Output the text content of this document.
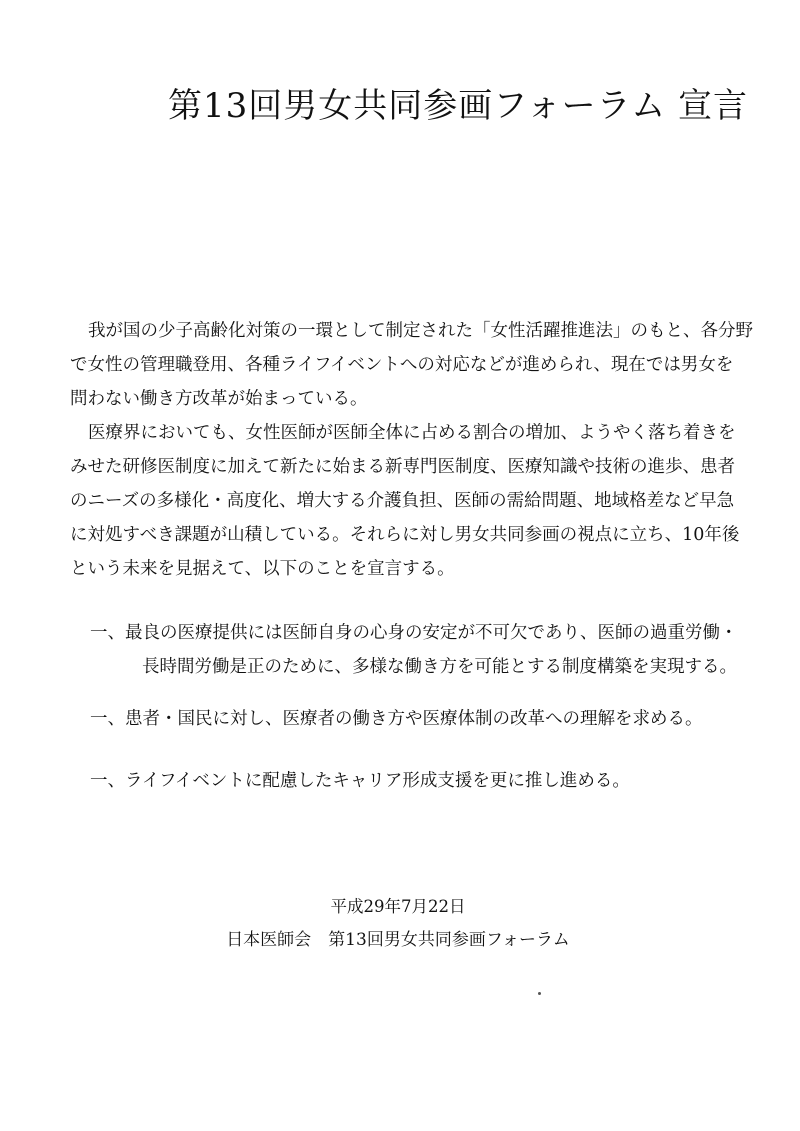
第13回男女共同参画フォーラム 宣言
我が国の少子高齢化対策の一環として制定された「女性活躍推進法」のもと、各分野
で女性の管理職登用、各種ライフイベントへの対応などが進められ、現在では男女を
問わない働き方改革が始まっている。
医療界においても、女性医師が医師全体に占める割合の増加、ようやく落ち着きを
みせた研修医制度に加えて新たに始まる新専門医制度、医療知識や技術の進歩、患者
のニーズの多様化・高度化、増大する介護負担、医師の需給問題、地域格差など早急
に対処すべき課題が山積している。それらに対し男女共同参画の視点に立ち、10年後
という未来を見据えて、以下のことを宣言する。
一、最良の医療提供には医師自身の心身の安定が不可欠であり、医師の過重労働・
長時間労働是正のために、多様な働き方を可能とする制度構築を実現する。
一、患者・国民に対し、医療者の働き方や医療体制の改革への理解を求める。
一、ライフイベントに配慮したキャリア形成支援を更に推し進める。
平成29年7月22日
日本医師会　第13回男女共同参画フォーラム
